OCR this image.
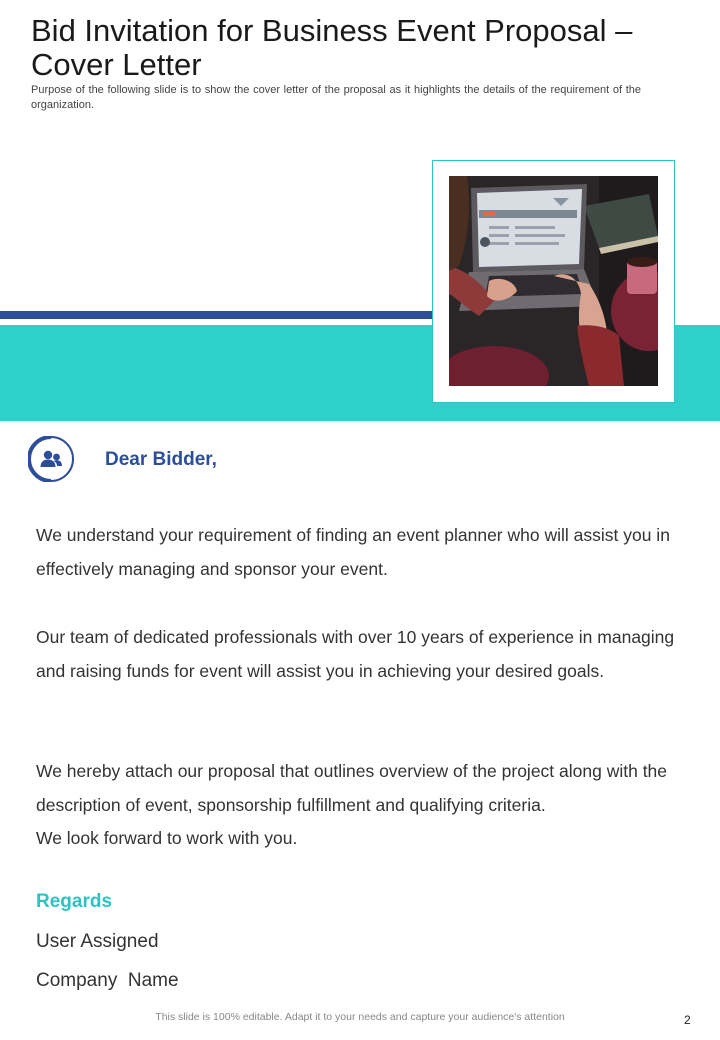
Bid Invitation for Business Event Proposal – Cover Letter

Purpose of the following slide is to show the cover letter of the proposal as it highlights the details of the requirement of the organization.

Dear Bidder,

We understand your requirement of finding an event planner who will assist you in effectively managing and sponsor your event.

Our team of dedicated professionals with over 10 years of experience in managing and raising funds for event will assist you in achieving your desired goals.

We hereby attach our proposal that outlines overview of the project along with the description of event, sponsorship fulfillment and qualifying criteria.

We look forward to work with you.

Regards

User Assigned

Company  Name

This slide is 100% editable. Adapt it to your needs and capture your audience's attention	2
